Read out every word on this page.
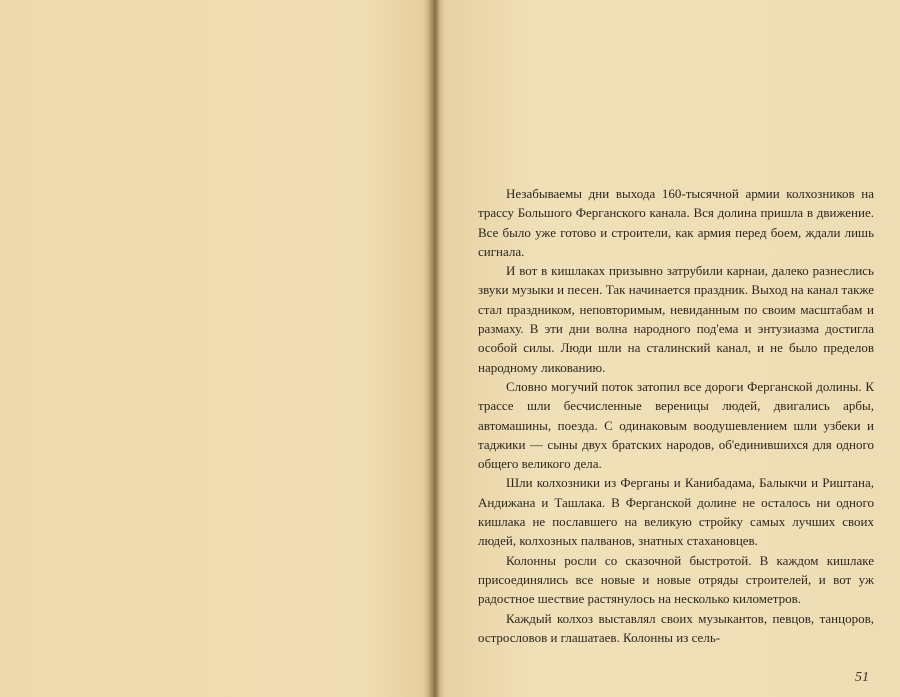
Незабываемы дни выхода 160-тысячной армии колхозников на трассу Большого Ферганского канала. Вся долина пришла в движение. Все было уже готово и строители, как армия перед боем, ждали лишь сигнала.

И вот в кишлаках призывно затрубили карнаи, далеко разнеслись звуки музыки и песен. Так начинается праздник. Выход на канал также стал праздником, неповторимым, невиданным по своим масштабам и размаху. В эти дни волна народного под'ема и энтузиазма достигла особой силы. Люди шли на сталинский канал, и не было пределов народному ликованию.

Словно могучий поток затопил все дороги Ферганской долины. К трассе шли бесчисленные вереницы людей, двигались арбы, автомашины, поезда. С одинаковым воодушевлением шли узбеки и таджики — сыны двух братских народов, об'единившихся для одного общего великого дела.

Шли колхозники из Ферганы и Канибадама, Балыкчи и Риштана, Андижана и Ташлака. В Ферганской долине не осталось ни одного кишлака не пославшего на великую стройку самых лучших своих людей, колхозных палванов, знатных стахановцев.

Колонны росли со сказочной быстротой. В каждом кишлаке присоединялись все новые и новые отряды строителей, и вот уж радостное шествие растянулось на несколько километров.

Каждый колхоз выставлял своих музыкантов, певцов, танцоров, острословов и глашатаев. Колонны из сель-

51
